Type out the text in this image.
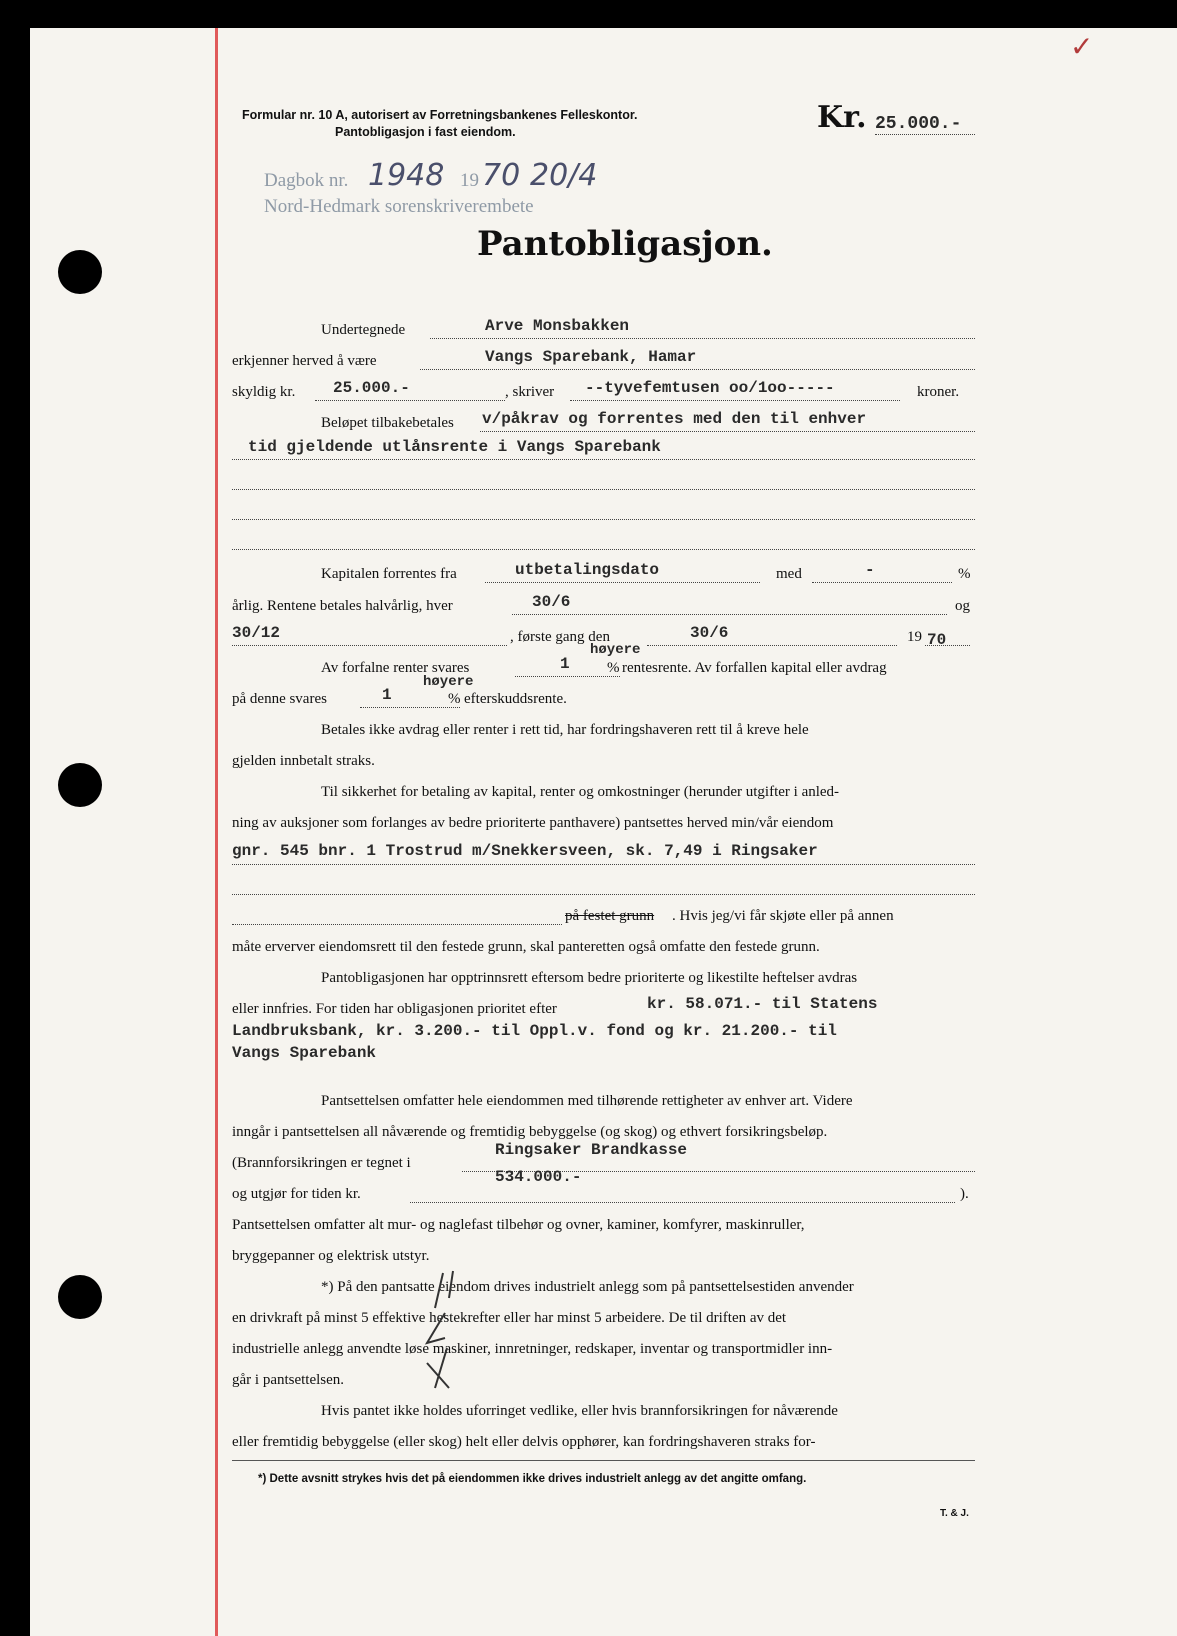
Formular nr. 10 A, autorisert av Forretningsbankenes Felleskontor.
Pantobligasjon i fast eiendom.	Kr. 25.000.-
✓
Dagbok nr. 1948 19 70 20/4
Nord-Hedmark sorenskriverembete
Pantobligasjon.
Undertegnede	Arve Monsbakken
erkjenner herved å være	Vangs Sparebank, Hamar
skyldig kr. 25.000.-	, skriver --tyvefemtusen oo/1oo-----	kroner.
Beløpet tilbakebetales v/påkrav og forrentes med den til enhver
tid gjeldende utlånsrente i Vangs Sparebank
Kapitalen forrentes fra	utbetalingsdato	med	-	%
årlig. Rentene betales halvårlig, hver	30/6	og
30/12	, første gang den	30/6	19 70
Av forfalne renter svares	1
høyere
% rentesrente. Av forfallen kapital eller avdrag
på denne svares	1
høyere
% efterskuddsrente.
Betales ikke avdrag eller renter i rett tid, har fordringshaveren rett til å kreve hele
gjelden innbetalt straks.
Til sikkerhet for betaling av kapital, renter og omkostninger (herunder utgifter i anled-
ning av auksjoner som forlanges av bedre prioriterte panthavere) pantsettes herved min/vår eiendom
gnr. 545 bnr. 1 Trostrud m/Snekkersveen, sk. 7,49 i Ringsaker
på festet grunn . Hvis jeg/vi får skjøte eller på annen
måte erverver eiendomsrett til den festede grunn, skal panteretten også omfatte den festede grunn.
Pantobligasjonen har opptrinnsrett eftersom bedre prioriterte og likestilte heftelser avdras
eller innfries. For tiden har obligasjonen prioritet efter	kr. 58.071.- til Statens
Landbruksbank, kr. 3.200.- til Oppl.v. fond og kr. 21.200.- til
Vangs Sparebank
Pantsettelsen omfatter hele eiendommen med tilhørende rettigheter av enhver art. Videre
inngår i pantsettelsen all nåværende og fremtidig bebyggelse (og skog) og ethvert forsikringsbeløp.
(Brannforsikringen er tegnet i
Ringsaker Brandkasse
og utgjør for tiden kr.
534.000.-
).
Pantsettelsen omfatter alt mur- og naglefast tilbehør og ovner, kaminer, komfyrer, maskinruller,
bryggepanner og elektrisk utstyr.
*) På den pantsatte eiendom drives industrielt anlegg som på pantsettelsestiden anvender
en drivkraft på minst 5 effektive hestekrefter eller har minst 5 arbeidere. De til driften av det
industrielle anlegg anvendte løse maskiner, innretninger, redskaper, inventar og transportmidler inn-
går i pantsettelsen.
Hvis pantet ikke holdes uforringet vedlike, eller hvis brannforsikringen for nåværende
eller fremtidig bebyggelse (eller skog) helt eller delvis opphører, kan fordringshaveren straks for-
*) Dette avsnitt strykes hvis det på eiendommen ikke drives industrielt anlegg av det angitte omfang.
T. & J.
